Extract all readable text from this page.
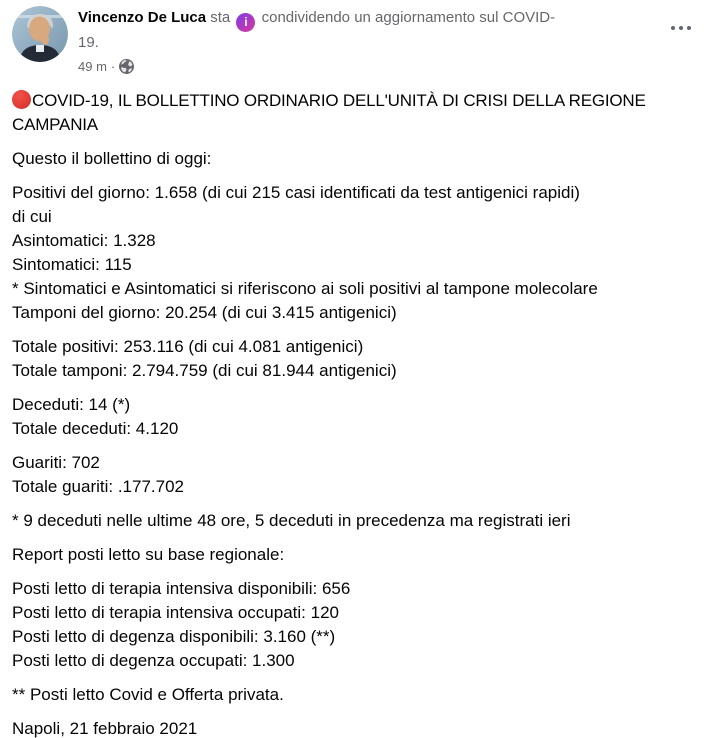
Vincenzo De Luca sta i condividendo un aggiornamento sul COVID-
19.
49 m ·
COVID-19, IL BOLLETTINO ORDINARIO DELL'UNITÀ DI CRISI DELLA REGIONE CAMPANIA
Questo il bollettino di oggi:
Positivi del giorno: 1.658 (di cui 215 casi identificati da test antigenici rapidi)
di cui
Asintomatici: 1.328
Sintomatici: 115
* Sintomatici e Asintomatici si riferiscono ai soli positivi al tampone molecolare
Tamponi del giorno: 20.254 (di cui 3.415 antigenici)
Totale positivi: 253.116 (di cui 4.081 antigenici)
Totale tamponi: 2.794.759 (di cui 81.944 antigenici)
Deceduti: 14 (*)
Totale deceduti: 4.120
Guariti: 702
Totale guariti: .177.702
* 9 deceduti nelle ultime 48 ore, 5 deceduti in precedenza ma registrati ieri
Report posti letto su base regionale:
Posti letto di terapia intensiva disponibili: 656
Posti letto di terapia intensiva occupati: 120
Posti letto di degenza disponibili: 3.160 (**)
Posti letto di degenza occupati: 1.300
** Posti letto Covid e Offerta privata.
Napoli, 21 febbraio 2021
